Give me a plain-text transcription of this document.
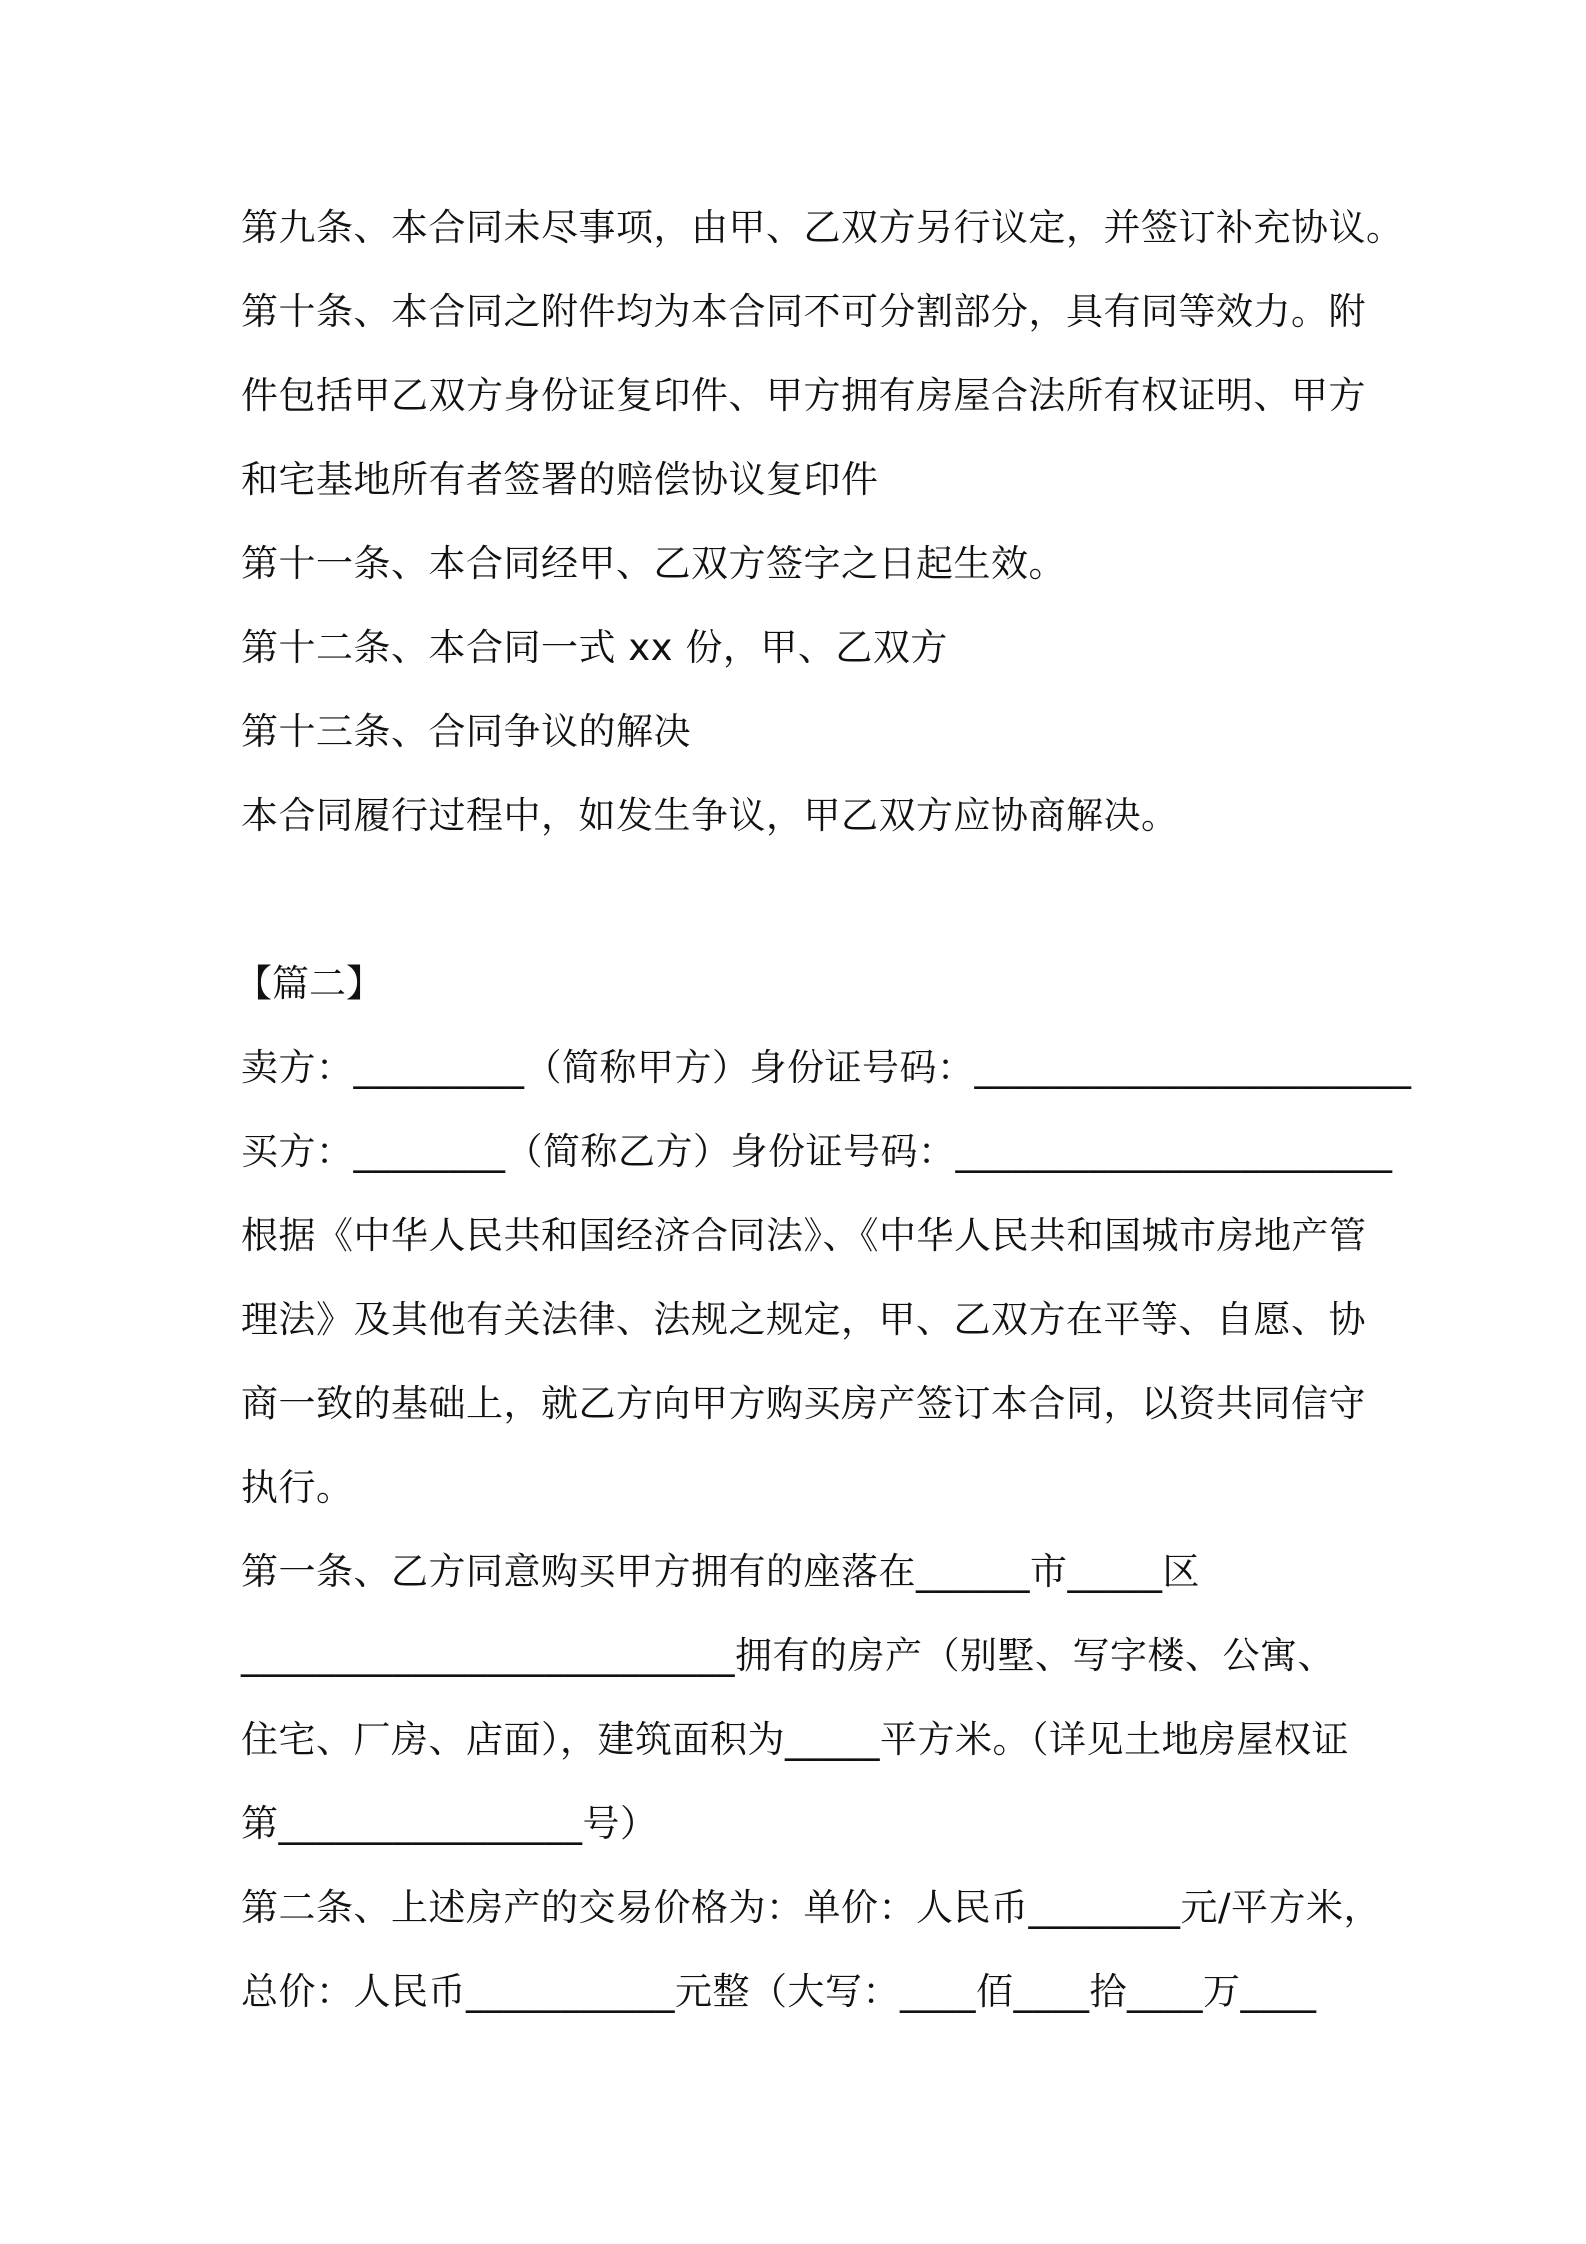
第九条、本合同未尽事项，由甲、乙双方另行议定，并签订补充协议。
第十条、本合同之附件均为本合同不可分割部分，具有同等效力。附
件包括甲乙双方身份证复印件、甲方拥有房屋合法所有权证明、甲方
和宅基地所有者签署的赔偿协议复印件
第十一条、本合同经甲、乙双方签字之日起生效。
第十二条、本合同一式 xx 份，甲、乙双方
第十三条、合同争议的解决
本合同履行过程中，如发生争议，甲乙双方应协商解决。
【篇二】
卖方：_________（简称甲方）身份证号码：_______________________
买方：________（简称乙方）身份证号码：_______________________
根据《中华人民共和国经济合同法》、《中华人民共和国城市房地产管
理法》及其他有关法律、法规之规定，甲、乙双方在平等、自愿、协
商一致的基础上，就乙方向甲方购买房产签订本合同，以资共同信守
执行。
第一条、乙方同意购买甲方拥有的座落在______市_____区
__________________________拥有的房产（别墅、写字楼、公寓、
住宅、厂房、店面），建筑面积为_____平方米。（详见土地房屋权证
第________________号）
第二条、上述房产的交易价格为：单价：人民币________元/平方米，
总价：人民币___________元整（大写：____佰____拾____万____
